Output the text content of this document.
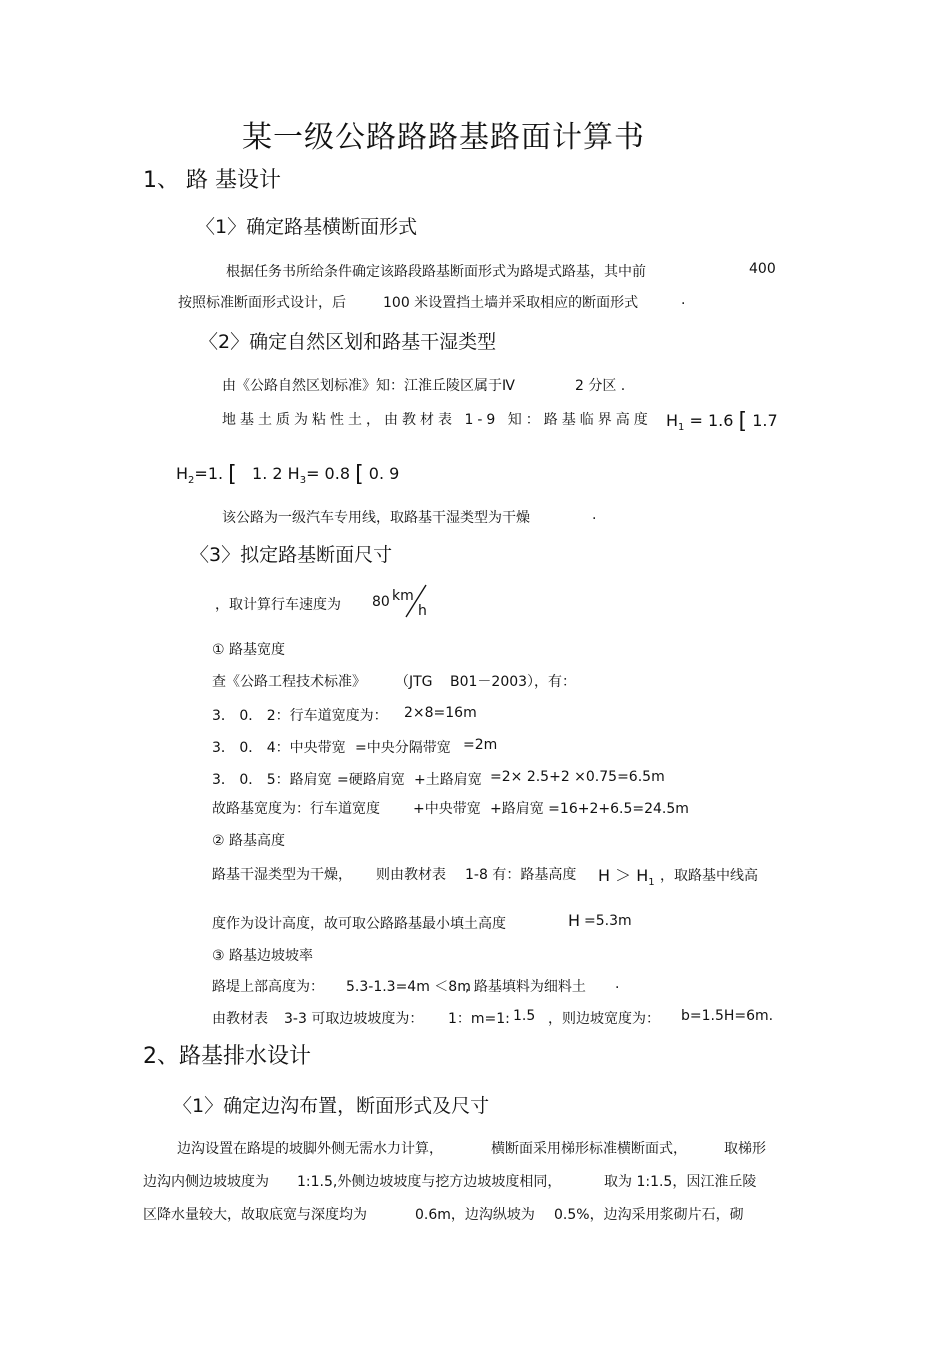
某一级公路路路基路面计算书
1、 路 基设计
〈1〉确定路基横断面形式
根据任务书所给条件确定该路段路基断面形式为路堤式路基，其中前	400
按照标准断面形式设计，后	100 米设置挡土墙并采取相应的断面形式	.
〈2〉确定自然区划和路基干湿类型
由《公路自然区划标准》知：江淮丘陵区属于Ⅳ	2 分区 .
地基土质为粘性土，由教材表 1-9 知：路基临界高度 $H_1 = 1.6$ [ 1.7
$H_2=1$. [ 1. 2 $H_3= 0.8$ [ 0. 9
该公路为一级汽车专用线，取路基干湿类型为干燥	.
〈3〉拟定路基断面尺寸
，取计算行车速度为 80 km
h
① 路基宽度
查《公路工程技术标准》 （JTG B01－2003），有：
3． 0． 2：行车道宽度为： 2×8=16m
3． 0． 4：中央带宽 =中央分隔带宽 =2m
3． 0． 5：路肩宽 =硬路肩宽 +土路肩宽 =2× 2.5+2 ×0.75=6.5m
故路基宽度为：行车道宽度 +中央带宽 +路肩宽 =16+2+6.5=24.5m
② 路基高度
路基干湿类型为干燥， 则由教材表 1-8 有：路基高度 $H > H_1$ ，取路基中线高
度作为设计高度，故可取公路路基最小填土高度	H =5.3m
③ 路基边坡坡率
路堤上部高度为： 5.3-1.3=4m ＜8m
, 路基填料为细料土 .
由教材表 3-3 可取边坡坡度为： 1：m=1: 1.5 ，则边坡宽度为： b=1.5H=6m.
2、路基排水设计
〈1〉确定边沟布置，断面形式及尺寸
边沟设置在路堤的坡脚外侧无需水力计算，	横断面采用梯形标准横断面式，	取梯形
边沟内侧边坡坡度为 1:1.5,外侧边坡坡度与挖方边坡坡度相同，	取为 1:1.5，因江淮丘陵
区降水量较大，故取底宽与深度均为	0.6m，边沟纵坡为 0.5%，边沟采用浆砌片石，砌
